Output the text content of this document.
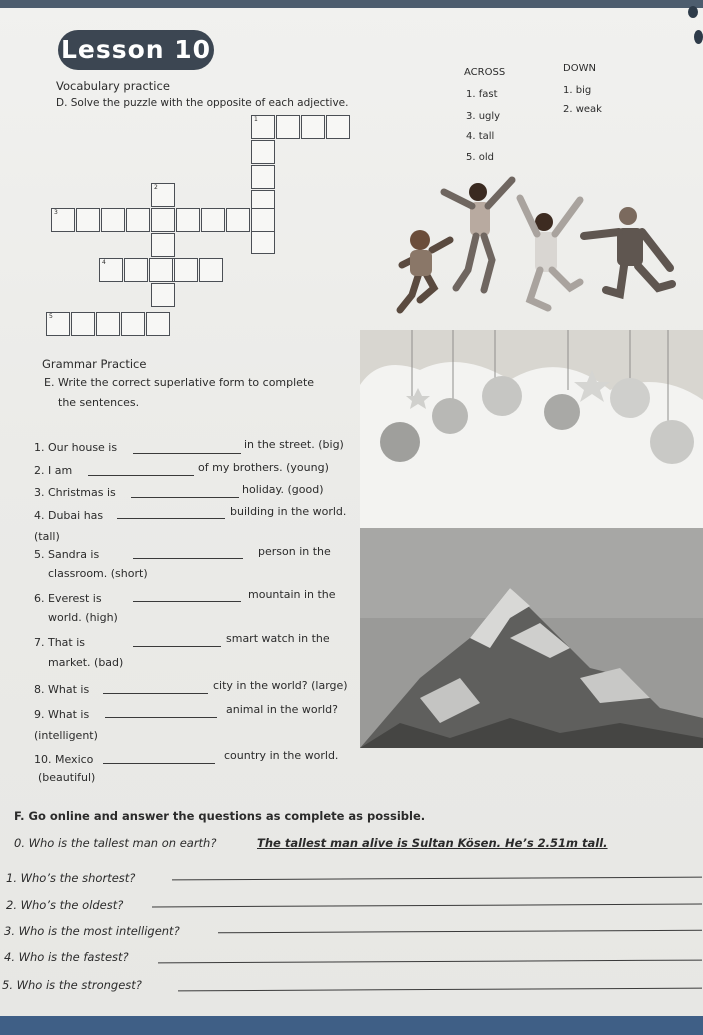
Lesson 10
Vocabulary practice
D. Solve the puzzle with the opposite of each adjective.
ACROSS	DOWN
1. fast
3. ugly
4. tall
5. old
1. big
2. weak
1
2
3
4
5
Grammar Practice
E. Write the correct superlative form to complete
the sentences.
1. Our house is	in the street. (big)
2. I am	of my brothers. (young)
3. Christmas is	holiday. (good)
4. Dubai has	building in the world.
(tall)
5. Sandra is	person in the
classroom. (short)
6. Everest is	mountain in the
world. (high)
7. That is	smart watch in the
market. (bad)
8. What is	city in the world? (large)
9. What is	animal in the world?
(intelligent)
10. Mexico	country in the world.
(beautiful)
F. Go online and answer the questions as complete as possible.
0. Who is the tallest man on earth?	The tallest man alive is Sultan Kösen. He’s 2.51m tall.
1. Who’s the shortest?
2. Who’s the oldest?
3. Who is the most intelligent?
4. Who is the fastest?
5. Who is the strongest?
